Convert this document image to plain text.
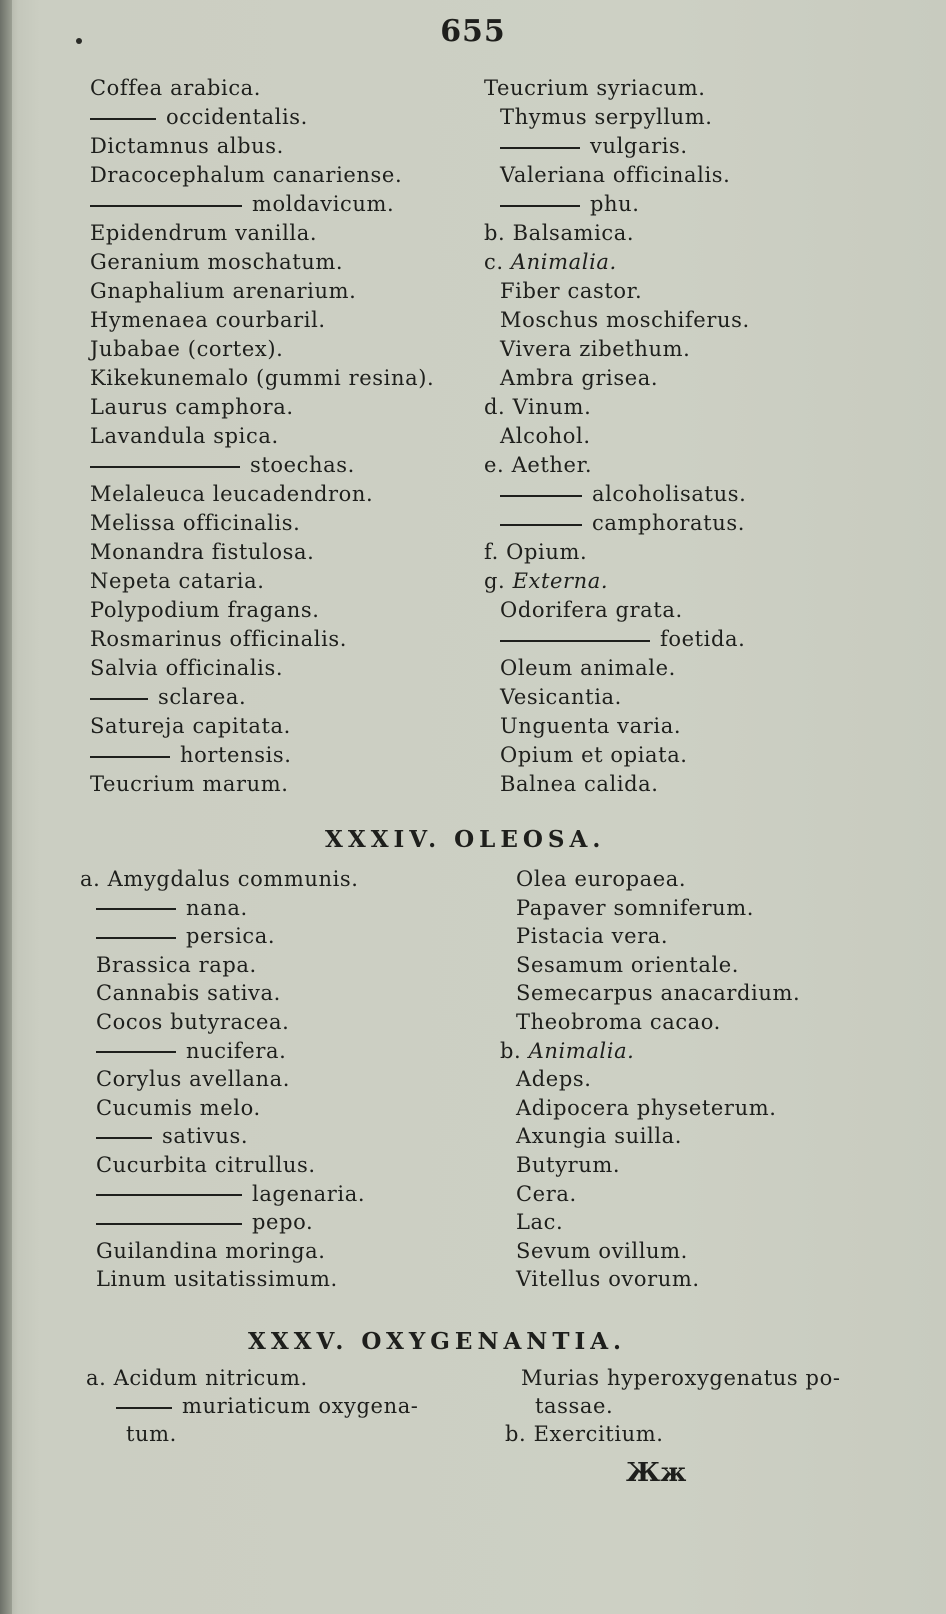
655
Coffea arabica.
occidentalis.
Dictamnus albus.
Dracocephalum canariense.
moldavicum.
Epidendrum vanilla.
Geranium moschatum.
Gnaphalium arenarium.
Hymenaea courbaril.
Jubabae (cortex).
Kikekunemalo (gummi resina).
Laurus camphora.
Lavandula spica.
stoechas.
Melaleuca leucadendron.
Melissa officinalis.
Monandra fistulosa.
Nepeta cataria.
Polypodium fragans.
Rosmarinus officinalis.
Salvia officinalis.
sclarea.
Satureja capitata.
hortensis.
Teucrium marum.
Teucrium syriacum.
Thymus serpyllum.
vulgaris.
Valeriana officinalis.
phu.
b. Balsamica.
c. Animalia.
Fiber castor.
Moschus moschiferus.
Vivera zibethum.
Ambra grisea.
d. Vinum.
Alcohol.
e. Aether.
alcoholisatus.
camphoratus.
f. Opium.
g. Externa.
Odorifera grata.
foetida.
Oleum animale.
Vesicantia.
Unguenta varia.
Opium et opiata.
Balnea calida.
XXXIV. OLEOSA.
a. Amygdalus communis.
nana.
persica.
Brassica rapa.
Cannabis sativa.
Cocos butyracea.
nucifera.
Corylus avellana.
Cucumis melo.
sativus.
Cucurbita citrullus.
lagenaria.
pepo.
Guilandina moringa.
Linum usitatissimum.
Olea europaea.
Papaver somniferum.
Pistacia vera.
Sesamum orientale.
Semecarpus anacardium.
Theobroma cacao.
b. Animalia.
Adeps.
Adipocera physeterum.
Axungia suilla.
Butyrum.
Cera.
Lac.
Sevum ovillum.
Vitellus ovorum.
XXXV. OXYGENANTIA.
a. Acidum nitricum.
muriaticum oxygena-
tum.
Murias hyperoxygenatus po-
tassae.
b. Exercitium.
Жж
